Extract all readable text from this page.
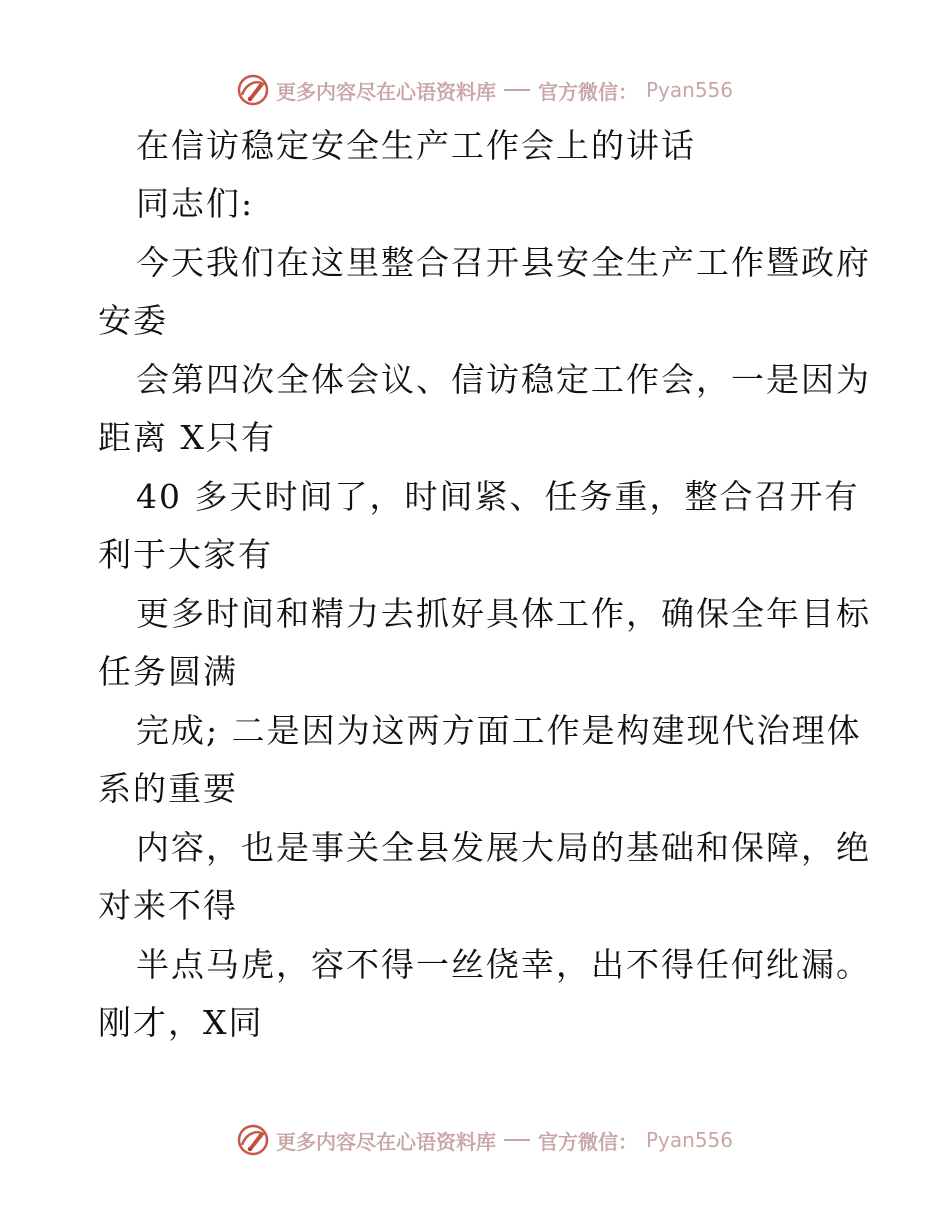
更多内容尽在心语资料库 官方微信： Pyan556
在信访稳定安全生产工作会上的讲话
同志们:
今天我们在这里整合召开县安全生产工作暨政府
安委
会第四次全体会议、信访稳定工作会，一是因为
距离 X只有
40 多天时间了，时间紧、任务重，整合召开有
利于大家有
更多时间和精力去抓好具体工作，确保全年目标
任务圆满
完成; 二是因为这两方面工作是构建现代治理体
系的重要
内容，也是事关全县发展大局的基础和保障，绝
对来不得
半点马虎，容不得一丝侥幸，出不得任何纰漏。
刚才，X同
更多内容尽在心语资料库 官方微信： Pyan556
